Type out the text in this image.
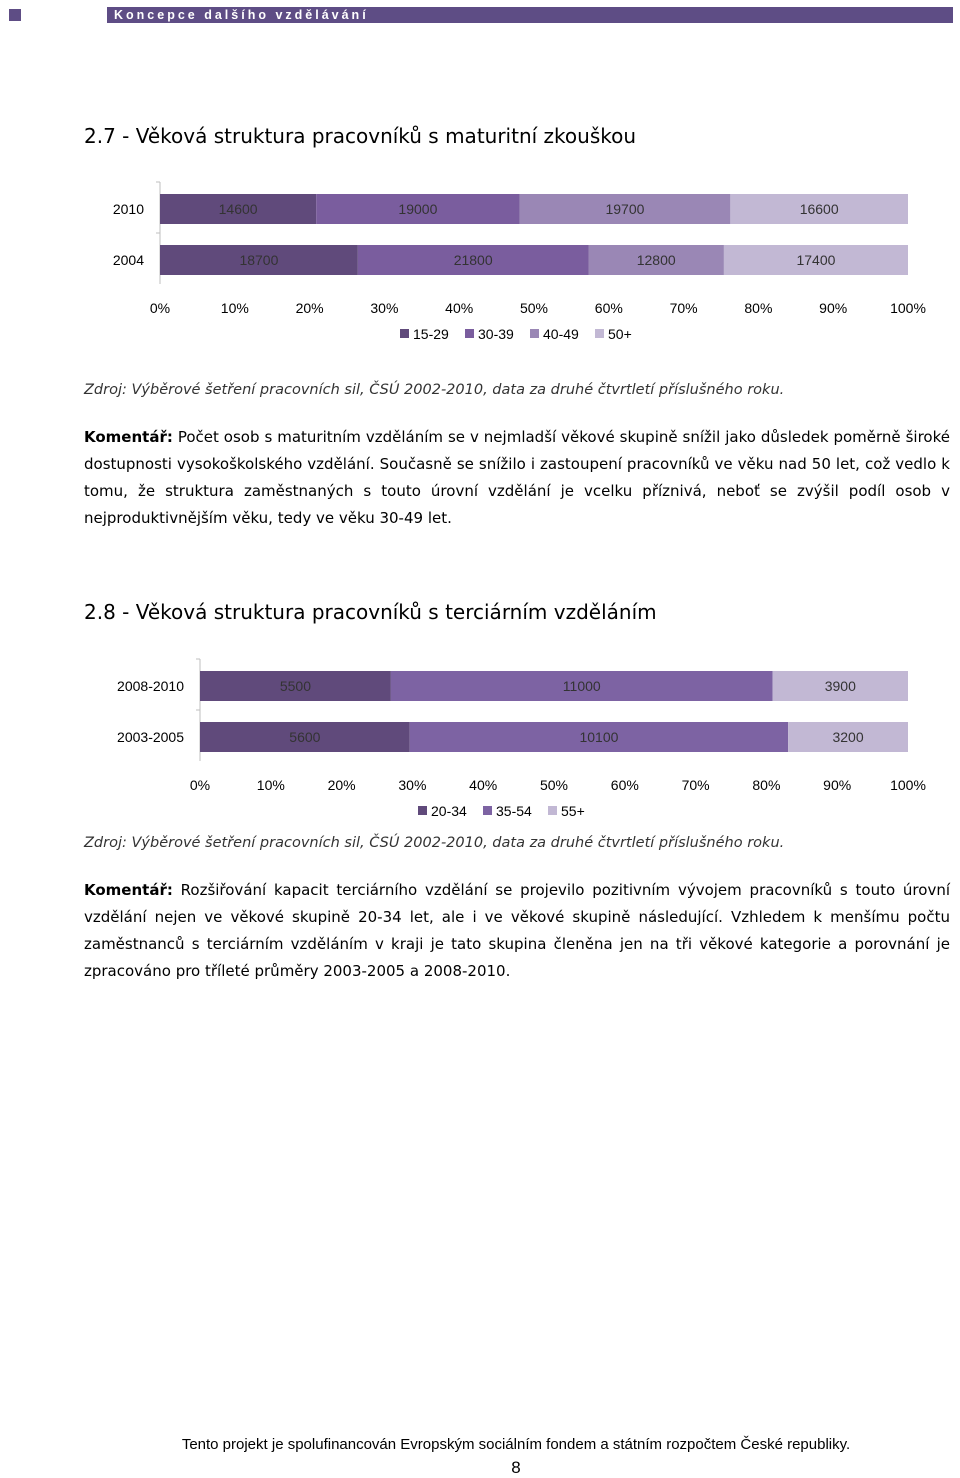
Koncepce dalšího vzdělávání
2.7 - Věková struktura pracovníků s maturitní zkouškou
14600	19000	19700	16600
2010
18700	21800	12800	17400
2004
0%	10%	20%	30%	40%	50%	60%	70%	80%	90%	100%
15-29 30-39 40-49 50+
Zdroj: Výběrové šetření pracovních sil, ČSÚ 2002-2010, data za druhé čtvrtletí příslušného roku.
Komentář: Počet osob s maturitním vzděláním se v nejmladší věkové skupině snížil jako důsledek poměrně široké dostupnosti vysokoškolského vzdělání. Současně se snížilo i zastoupení pracovníků ve věku nad 50 let, což vedlo k tomu, že struktura zaměstnaných s touto úrovní vzdělání je vcelku příznivá, neboť se zvýšil podíl osob v nejproduktivnějším věku, tedy ve věku 30-49 let.
2.8 - Věková struktura pracovníků s terciárním vzděláním
5500	11000	3900
2008-2010
5600	10100	3200
2003-2005
0%	10%	20%	30%	40%	50%	60%	70%	80%	90%	100%
20-34 35-54 55+
Zdroj: Výběrové šetření pracovních sil, ČSÚ 2002-2010, data za druhé čtvrtletí příslušného roku.
Komentář: Rozšiřování kapacit terciárního vzdělání se projevilo pozitivním vývojem pracovníků s touto úrovní vzdělání nejen ve věkové skupině 20-34 let, ale i ve věkové skupině následující. Vzhledem k menšímu počtu zaměstnanců s terciárním vzděláním v kraji je tato skupina členěna jen na tři věkové kategorie a porovnání je zpracováno pro tříleté průměry 2003-2005 a 2008-2010.
Tento projekt je spolufinancován Evropským sociálním fondem a státním rozpočtem České republiky.
8
